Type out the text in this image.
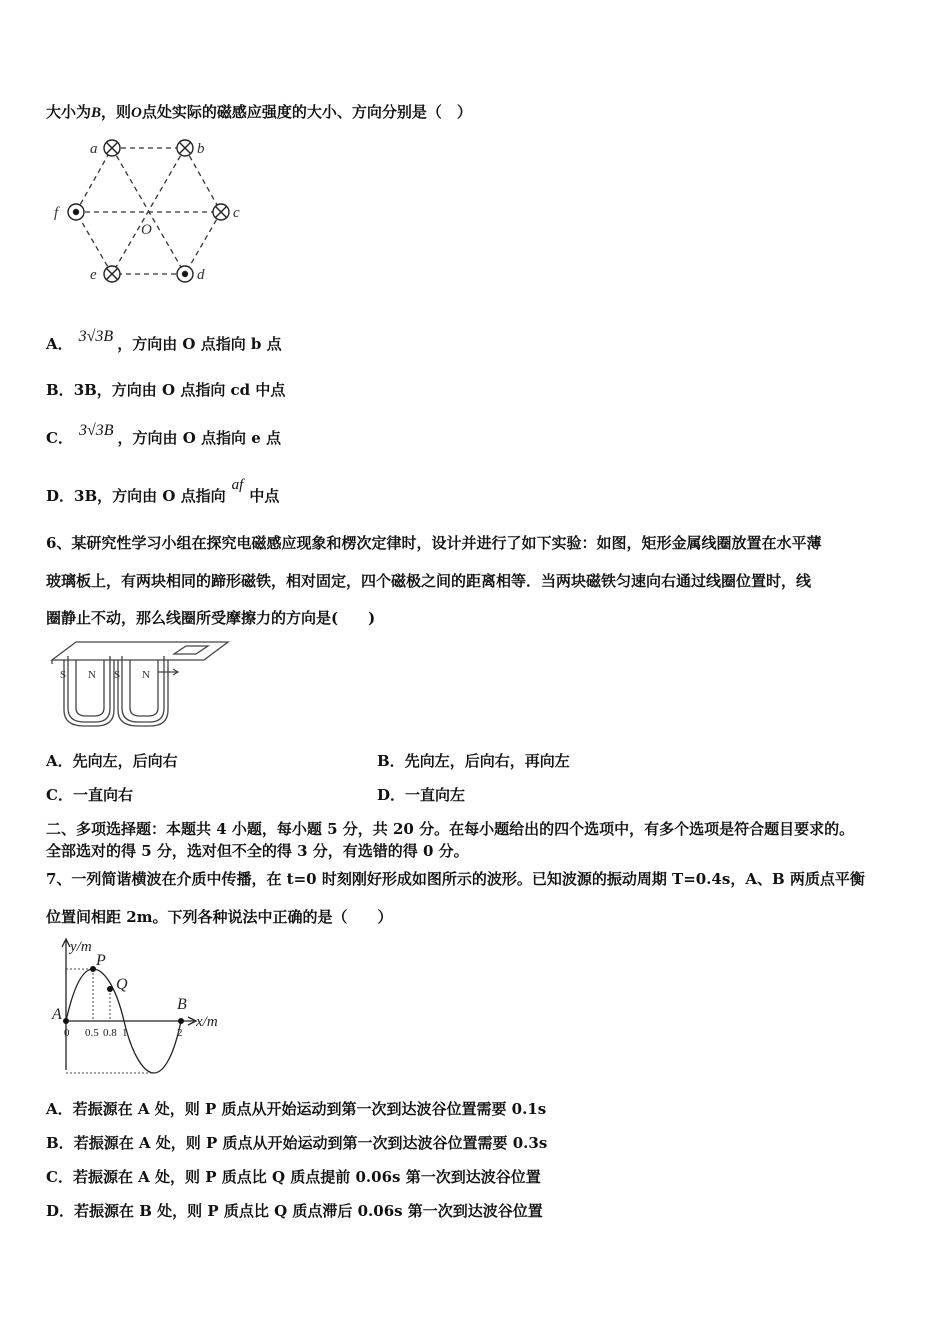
大小为B，则O点处实际的磁感应强度的大小、方向分别是（　）
a	b
c
d
e
f
O
A． 3√3B ，方向由 O 点指向 b 点
B．3B，方向由 O 点指向 cd 中点
C． 3√3B ，方向由 O 点指向 e 点
D．3B，方向由 O 点指向af中点
6、某研究性学习小组在探究电磁感应现象和楞次定律时，设计并进行了如下实验：如图，矩形金属线圈放置在水平薄
玻璃板上，有两块相同的蹄形磁铁，相对固定，四个磁极之间的距离相等．当两块磁铁匀速向右通过线圈位置时，线
圈静止不动，那么线圈所受摩擦力的方向是(　　)
S N S N
A．先向左，后向右	B．先向左，后向右，再向左
C．一直向右	D．一直向左
二、多项选择题：本题共 4 小题，每小题 5 分，共 20 分。在每小题给出的四个选项中，有多个选项是符合题目要求的。
全部选对的得 5 分，选对但不全的得 3 分，有选错的得 0 分。
7、一列简谐横波在介质中传播，在 t=0 时刻刚好形成如图所示的波形。已知波源的振动周期 T=0.4s，A、B 两质点平衡
位置间相距 2m。下列各种说法中正确的是（　　）
y/m
x/m
0 0.5 0.8 1	2
A
P
Q
B
A．若振源在 A 处，则 P 质点从开始运动到第一次到达波谷位置需要 0.1s
B．若振源在 A 处，则 P 质点从开始运动到第一次到达波谷位置需要 0.3s
C．若振源在 A 处，则 P 质点比 Q 质点提前 0.06s 第一次到达波谷位置
D．若振源在 B 处，则 P 质点比 Q 质点滞后 0.06s 第一次到达波谷位置
